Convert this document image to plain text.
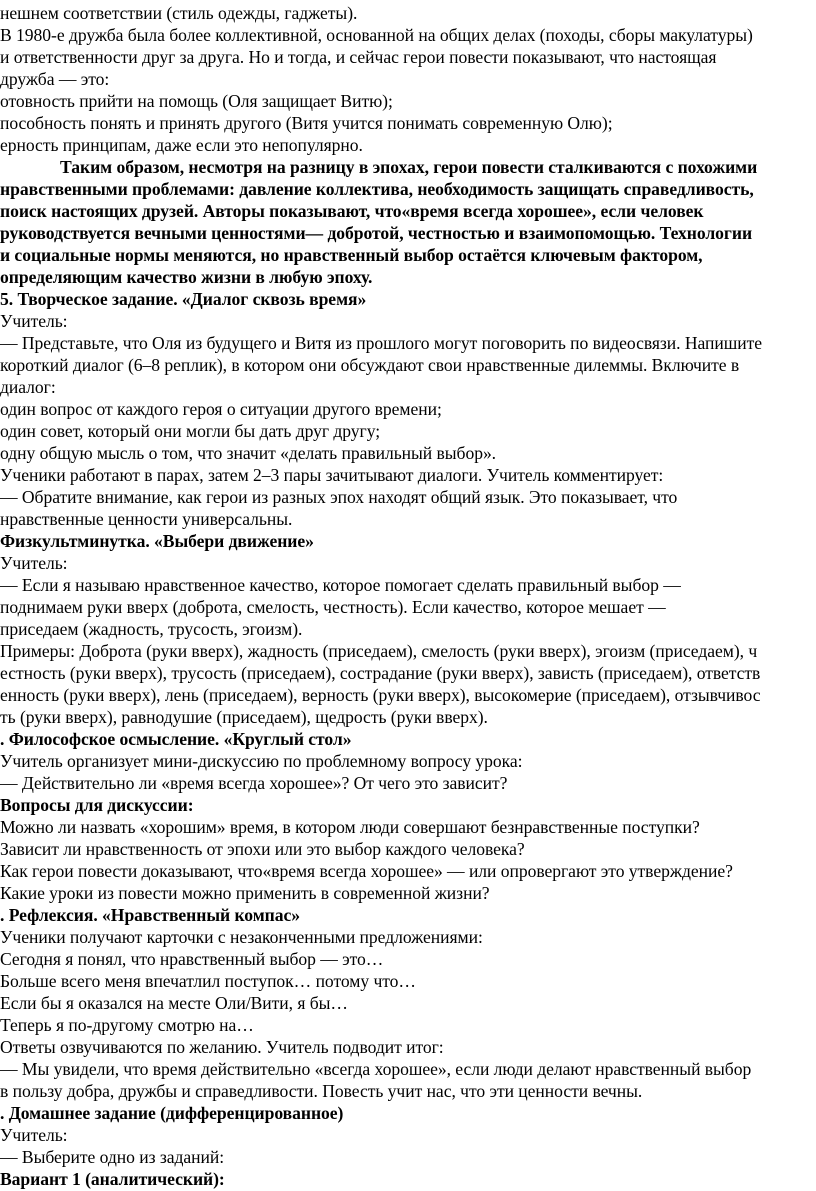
нешнем соответствии (стиль одежды, гаджеты).
В 1980-е дружба была более коллективной, основанной на общих делах (походы, сборы макулатуры)
и ответственности друг за друга. Но и тогда, и сейчас герои повести показывают, что настоящая
дружба — это:
отовность прийти на помощь (Оля защищает Витю);
пособность понять и принять другого (Витя учится понимать современную Олю);
ерность принципам, даже если это непопулярно.
Таким образом, несмотря на разницу в эпохах, герои повести сталкиваются с похожими
нравственными проблемами: давление коллектива, необходимость защищать справедливость,
поиск настоящих друзей. Авторы показывают, что«время всегда хорошее», если человек
руководствуется вечными ценностями— добротой, честностью и взаимопомощью. Технологии
и социальные нормы меняются, но нравственный выбор остаётся ключевым фактором,
определяющим качество жизни в любую эпоху.
5. Творческое задание. «Диалог сквозь время»
Учитель:
— Представьте, что Оля из будущего и Витя из прошлого могут поговорить по видеосвязи. Напишите
короткий диалог (6–8 реплик), в котором они обсуждают свои нравственные дилеммы. Включите в
диалог:
один вопрос от каждого героя о ситуации другого времени;
один совет, который они могли бы дать друг другу;
одну общую мысль о том, что значит «делать правильный выбор».
Ученики работают в парах, затем 2–3 пары зачитывают диалоги. Учитель комментирует:
— Обратите внимание, как герои из разных эпох находят общий язык. Это показывает, что
нравственные ценности универсальны.
Физкультминутка. «Выбери движение»
Учитель:
— Если я называю нравственное качество, которое помогает сделать правильный выбор —
поднимаем руки вверх (доброта, смелость, честность). Если качество, которое мешает —
приседаем (жадность, трусость, эгоизм).
Примеры: Доброта (руки вверх), жадность (приседаем), смелость (руки вверх), эгоизм (приседаем), ч
естность (руки вверх), трусость (приседаем), сострадание (руки вверх), зависть (приседаем), ответств
енность (руки вверх), лень (приседаем), верность (руки вверх), высокомерие (приседаем), отзывчивос
ть (руки вверх), равнодушие (приседаем), щедрость (руки вверх).
. Философское осмысление. «Круглый стол»
Учитель организует мини-дискуссию по проблемному вопросу урока:
— Действительно ли «время всегда хорошее»? От чего это зависит?
Вопросы для дискуссии:
Можно ли назвать «хорошим» время, в котором люди совершают безнравственные поступки?
Зависит ли нравственность от эпохи или это выбор каждого человека?
Как герои повести доказывают, что«время всегда хорошее» — или опровергают это утверждение?
Какие уроки из повести можно применить в современной жизни?
. Рефлексия. «Нравственный компас»
Ученики получают карточки с незаконченными предложениями:
Сегодня я понял, что нравственный выбор — это…
Больше всего меня впечатлил поступок… потому что…
Если бы я оказался на месте Оли/Вити, я бы…
Теперь я по-другому смотрю на…
Ответы озвучиваются по желанию. Учитель подводит итог:
— Мы увидели, что время действительно «всегда хорошее», если люди делают нравственный выбор
в пользу добра, дружбы и справедливости. Повесть учит нас, что эти ценности вечны.
. Домашнее задание (дифференцированное)
Учитель:
— Выберите одно из заданий:
Вариант 1 (аналитический):
